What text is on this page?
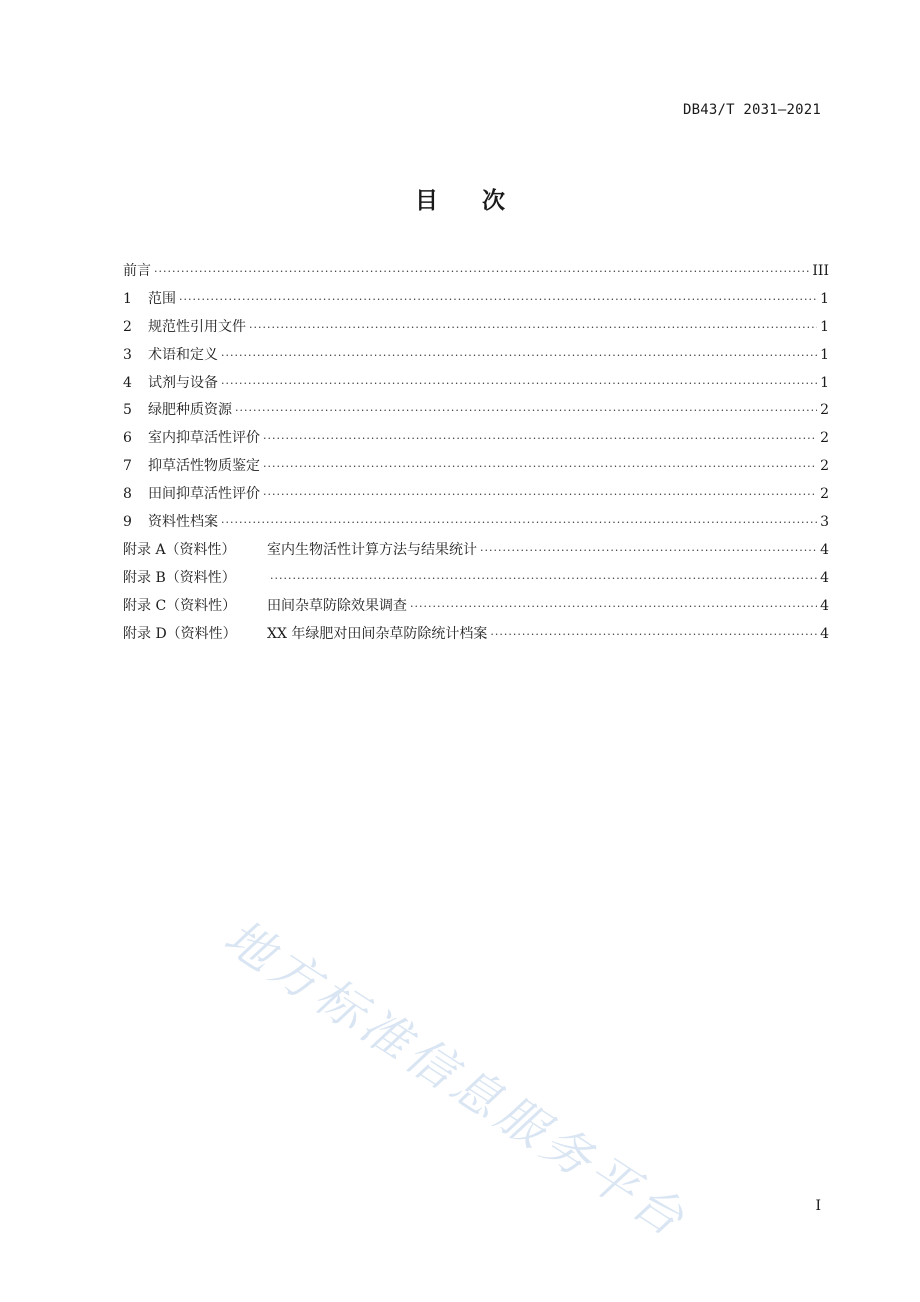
DB43/T 2031—2021
目 次
前言 ·····	III
1	范围 ·····	1
2	规范性引用文件 ·····	1
3	术语和定义 ·····	1
4	试剂与设备 ·····	1
5	绿肥种质资源 ·····	2
6	室内抑草活性评价 ·····	2
7	抑草活性物质鉴定 ·····	2
8	田间抑草活性评价 ·····	2
9	资料性档案 ·····	3
附录 A（资料性）	室内生物活性计算方法与结果统计 ·····	4
附录 B（资料性） ·····	4
附录 C（资料性）	田间杂草防除效果调查 ·····	4
附录 D（资料性）	XX 年绿肥对田间杂草防除统计档案 ·····	4
地方标准信息服务平台	I
